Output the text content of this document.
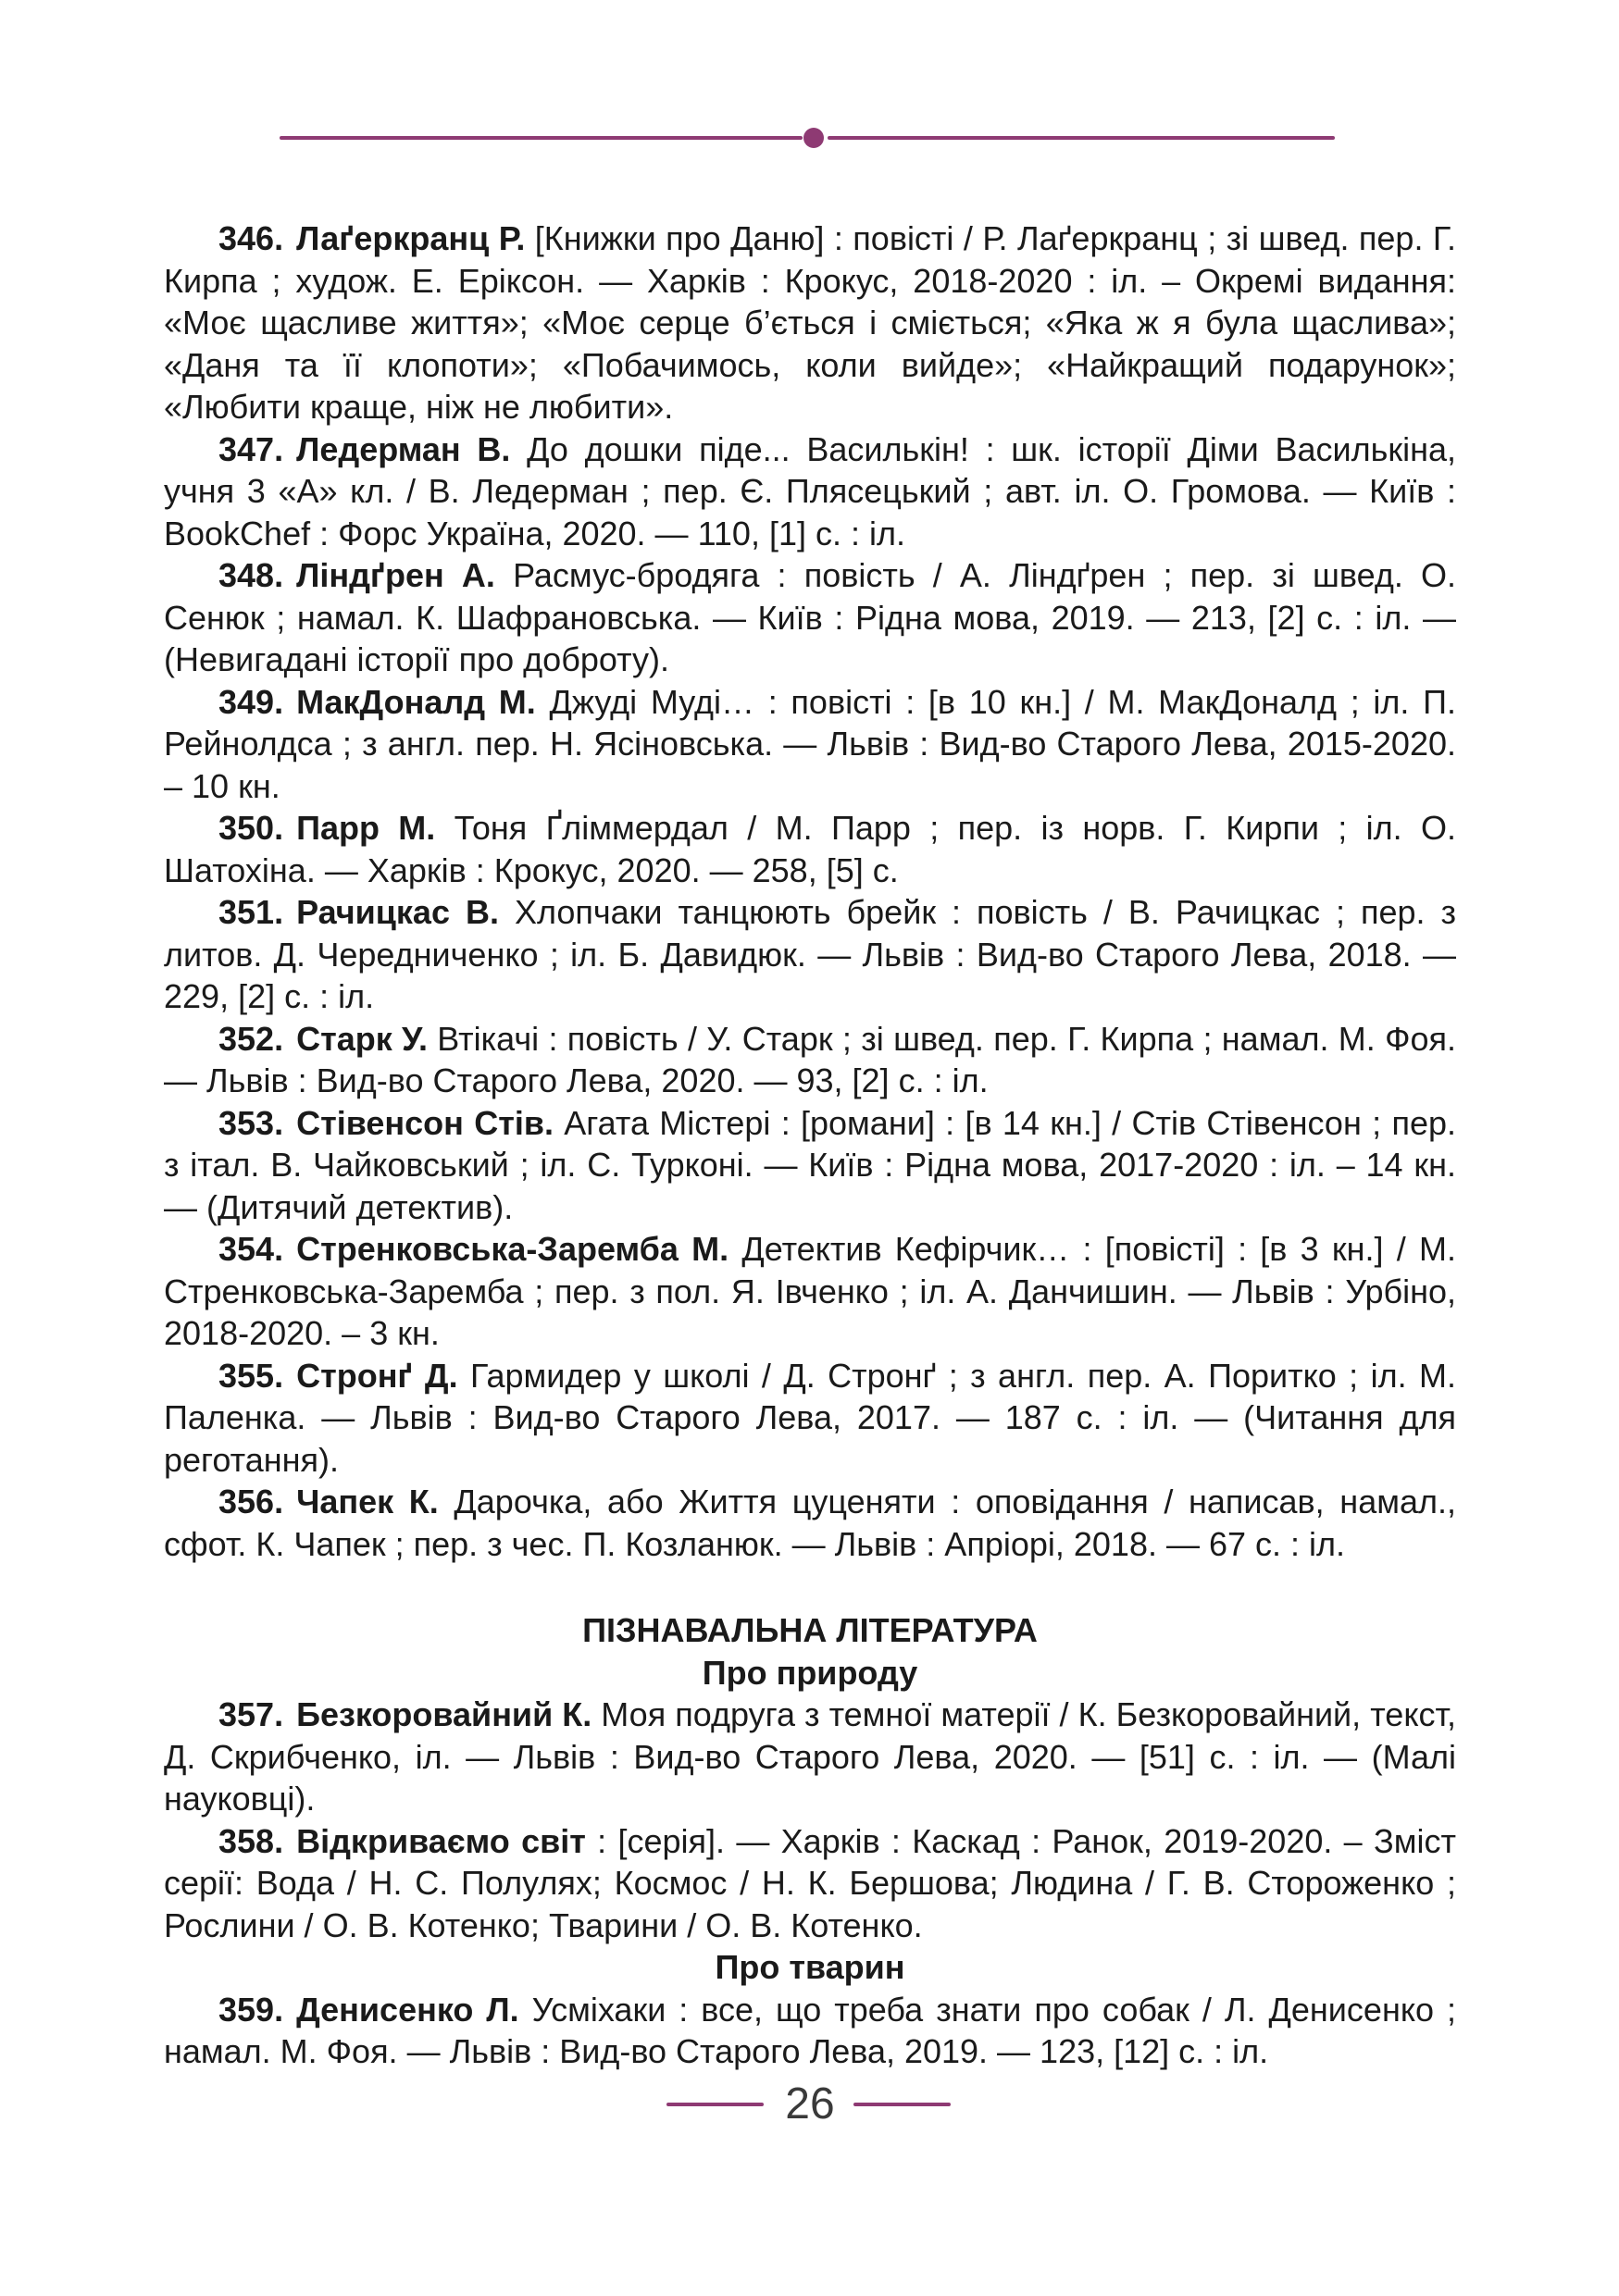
346. Лаґеркранц Р. [Книжки про Даню] : повісті / Р. Лаґеркранц ; зі швед. пер. Г. Кирпа ; худож. Е. Еріксон. — Харків : Крокус, 2018-2020 : іл. – Окремі видання: «Моє щасливе життя»; «Моє серце б’ється і сміється; «Яка ж я була щаслива»; «Даня та її клопоти»; «Побачимось, коли вийде»; «Найкращий подарунок»; «Любити краще, ніж не любити».

347. Ледерман В. До дошки піде... Василькін! : шк. історії Діми Василькіна, учня 3 «А» кл. / В. Ледерман ; пер. Є. Плясецький ; авт. іл. О. Громова. — Київ : BookChef : Форс Україна, 2020. — 110, [1] с. : іл.

348. Ліндґрен А. Расмус-бродяга : повість / А. Ліндґрен ; пер. зі швед. О. Сенюк ; намал. К. Шафрановська. — Київ : Рідна мова, 2019. — 213, [2] с. : іл. — (Невигадані історії про доброту).

349. МакДоналд М. Джуді Муді… : повісті : [в 10 кн.] / М. МакДоналд ; іл. П. Рейнолдса ; з англ. пер. Н. Ясіновська. — Львів : Вид-во Старого Лева, 2015-2020. – 10 кн.

350. Парр М. Тоня Ґліммердал / М. Парр ; пер. із норв. Г. Кирпи ; іл. О. Шатохіна. — Харків : Крокус, 2020. — 258, [5] с.

351. Рачицкас В. Хлопчаки танцюють брейк : повість / В. Рачицкас ; пер. з литов. Д. Чередниченко ; іл. Б. Давидюк. — Львів : Вид-во Старого Лева, 2018. — 229, [2] с. : іл.

352. Старк У. Втікачі : повість / У. Старк ; зі швед. пер. Г. Кирпа ; намал. М. Фоя. — Львів : Вид-во Старого Лева, 2020. — 93, [2] с. : іл.

353. Стівенсон Стів. Агата Містері : [романи] : [в 14 кн.] / Стів Стівенсон ; пер. з італ. В. Чайковський ; іл. С. Турконі. — Київ : Рідна мова, 2017-2020 : іл. – 14 кн. — (Дитячий детектив).

354. Стренковська-Заремба М. Детектив Кефірчик… : [повісті] : [в 3 кн.] / М. Стренковська-Заремба ; пер. з пол. Я. Івченко ; іл. А. Данчишин. — Львів : Урбіно, 2018-2020. – 3 кн.

355. Стронґ Д. Гармидер у школі / Д. Стронґ ; з англ. пер. А. Поритко ; іл. М. Паленка. — Львів : Вид-во Старого Лева, 2017. — 187 с. : іл. — (Читання для реготання).

356. Чапек К. Дарочка, або Життя цуценяти : оповідання / написав, намал., сфот. К. Чапек ; пер. з чес. П. Козланюк. — Львів : Апріорі, 2018. — 67 с. : іл.

ПІЗНАВАЛЬНА ЛІТЕРАТУРА

Про природу

357. Безкоровайний К. Моя подруга з темної матерії / К. Безкоровайний, текст, Д. Скрибченко, іл. — Львів : Вид-во Старого Лева, 2020. — [51] с. : іл. — (Малі науковці).

358. Відкриваємо світ : [серія]. — Харків : Каскад : Ранок, 2019-2020. – Зміст серії: Вода / Н. С. Полулях; Космос / Н. К. Бершова; Людина / Г. В. Стороженко ; Рослини / О. В. Котенко; Тварини / О. В. Котенко.

Про тварин

359. Денисенко Л. Усміхаки : все, що треба знати про собак / Л. Денисенко ; намал. М. Фоя. — Львів : Вид-во Старого Лева, 2019. — 123, [12] с. : іл.

26
